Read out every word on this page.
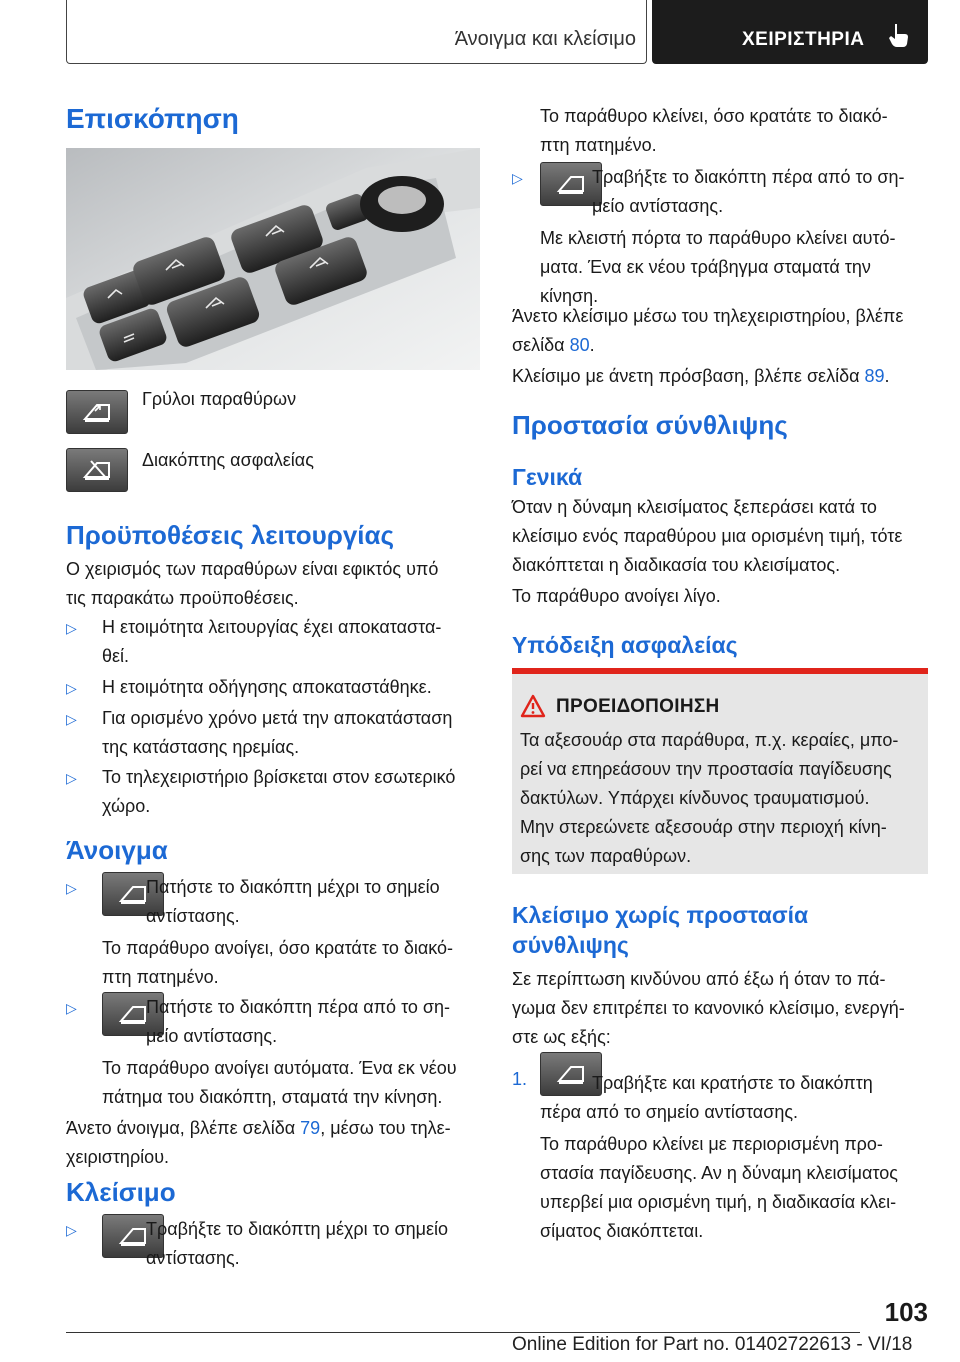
Άνοιγμα και κλείσιμο	ΧΕΙΡΙΣΤΗΡΙΑ
Επισκόπηση

Γρύλοι παραθύρων

Διακόπτης ασφαλείας

Προϋποθέσεις λειτουργίας

Ο χειρισμός των παραθύρων είναι εφικτός υπό

τις παρακάτω προϋποθέσεις.

▷ Η ετοιμότητα λειτουργίας έχει αποκαταστα-

θεί.

▷ Η ετοιμότητα οδήγησης αποκαταστάθηκε.

▷ Για ορισμένο χρόνο μετά την αποκατάσταση

της κατάστασης ηρεμίας.

▷ Το τηλεχειριστήριο βρίσκεται στον εσωτερικό

χώρο.

Άνοιγμα
▷	Πατήστε το διακόπτη μέχρι το σημείο

αντίστασης.

Το παράθυρο ανοίγει, όσο κρατάτε το διακό-

πτη πατημένο.

▷	Πατήστε το διακόπτη πέρα από το ση-

μείο αντίστασης.

Το παράθυρο ανοίγει αυτόματα. Ένα εκ νέου

πάτημα του διακόπτη, σταματά την κίνηση.

Άνετο άνοιγμα, βλέπε σελίδα 79, μέσω του τηλε-

χειριστηρίου.

Κλείσιμο
▷	Τραβήξτε το διακόπτη μέχρι το σημείο

αντίστασης.

Το παράθυρο κλείνει, όσο κρατάτε το διακό-

πτη πατημένο.

▷	Τραβήξτε το διακόπτη πέρα από το ση-

μείο αντίστασης.

Με κλειστή πόρτα το παράθυρο κλείνει αυτό-

ματα. Ένα εκ νέου τράβηγμα σταματά την

κίνηση.

Άνετο κλείσιμο μέσω του τηλεχειριστηρίου, βλέπε

σελίδα 80.

Κλείσιμο με άνετη πρόσβαση, βλέπε σελίδα 89.

Προστασία σύνθλιψης
Γενικά

Όταν η δύναμη κλεισίματος ξεπεράσει κατά το

κλείσιμο ενός παραθύρου μια ορισμένη τιμή, τότε

διακόπτεται η διαδικασία του κλεισίματος.

Το παράθυρο ανοίγει λίγο.

Υπόδειξη ασφαλείας
ΠΡΟΕΙΔΟΠΟΙΗΣΗ

Τα αξεσουάρ στα παράθυρα, π.χ. κεραίες, μπο-

ρεί να επηρεάσουν την προστασία παγίδευσης

δακτύλων. Υπάρχει κίνδυνος τραυματισμού.

Μην στερεώνετε αξεσουάρ στην περιοχή κίνη-

σης των παραθύρων.

Κλείσιμο χωρίς προστασία
σύνθλιψης

Σε περίπτωση κινδύνου από έξω ή όταν το πά-

γωμα δεν επιτρέπει το κανονικό κλείσιμο, ενεργή-

στε ως εξής:

1.	Τραβήξτε και κρατήστε το διακόπτη

πέρα από το σημείο αντίστασης.

Το παράθυρο κλείνει με περιορισμένη προ-

στασία παγίδευσης. Αν η δύναμη κλεισίματος

υπερβεί μια ορισμένη τιμή, η διαδικασία κλει-

σίματος διακόπτεται.

103
Online Edition for Part no. 01402722613 - VI/18
